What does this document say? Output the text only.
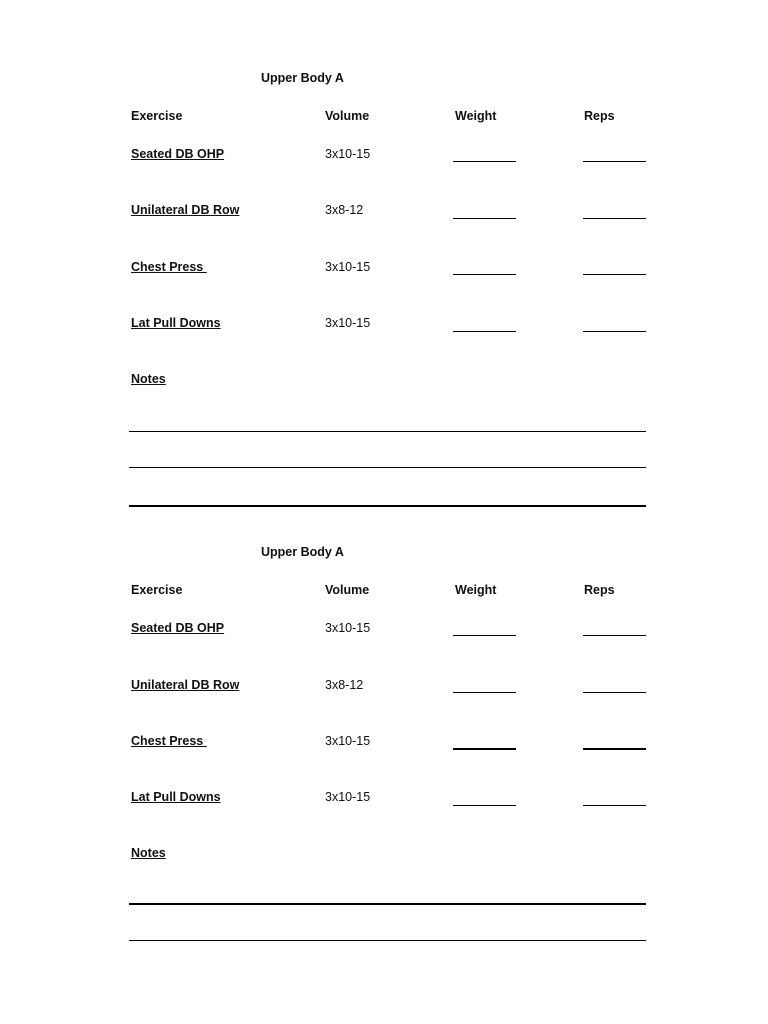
Upper Body A
Exercise	Volume	Weight	Reps
Seated DB OHP	3x10-15
Unilateral DB Row	3x8-12
Chest Press	3x10-15
Lat Pull Downs	3x10-15
Notes
Upper Body A
Exercise	Volume	Weight	Reps
Seated DB OHP	3x10-15
Unilateral DB Row	3x8-12
Chest Press	3x10-15
Lat Pull Downs	3x10-15
Notes
